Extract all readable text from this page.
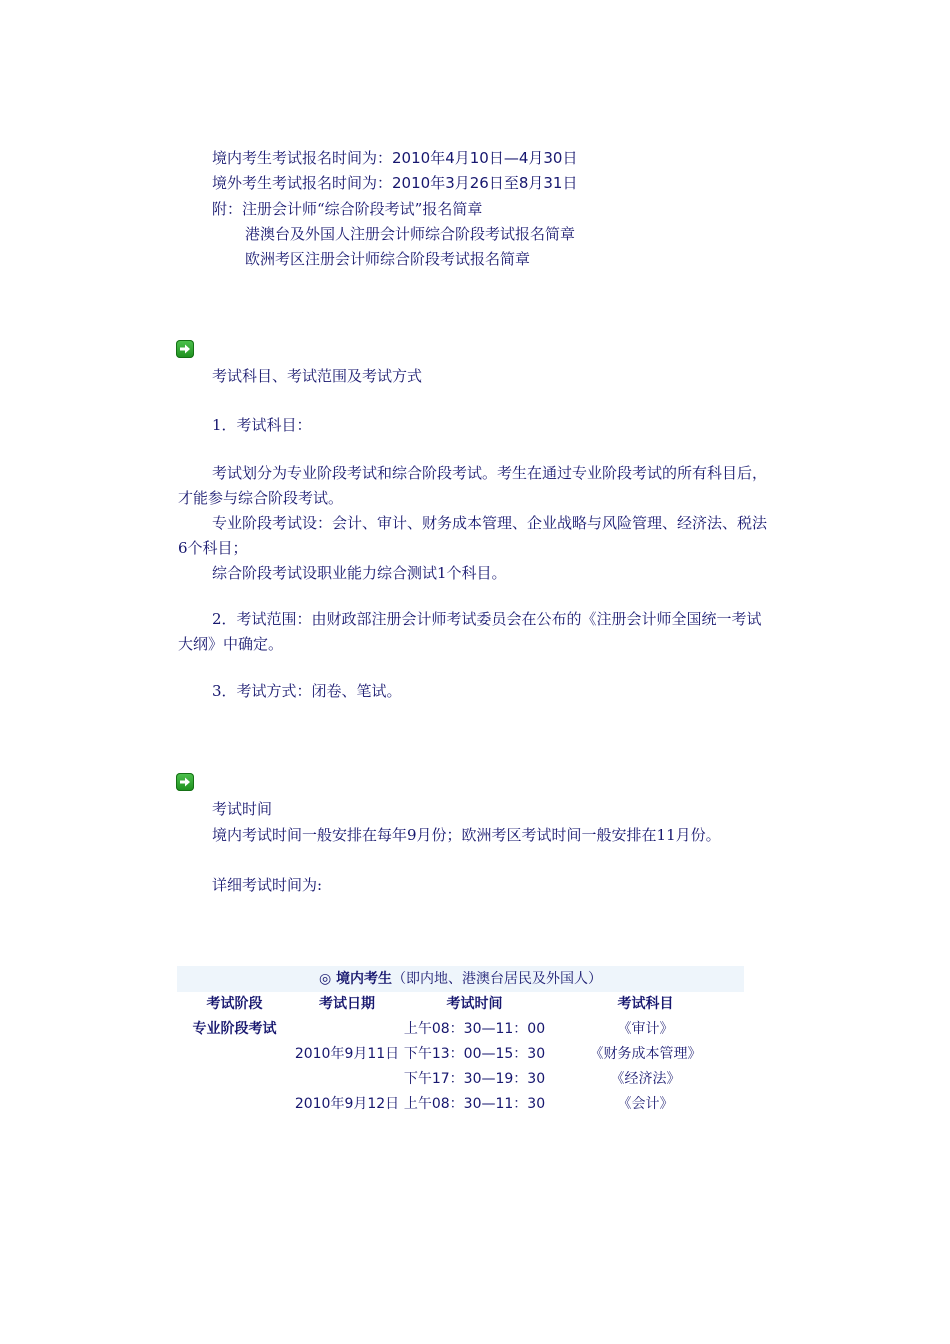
境内考生考试报名时间为：2010年4月10日—4月30日
境外考生考试报名时间为：2010年3月26日至8月31日
附：注册会计师“综合阶段考试”报名简章
港澳台及外国人注册会计师综合阶段考试报名简章
欧洲考区注册会计师综合阶段考试报名简章
考试科目、考试范围及考试方式
1．考试科目：
考试划分为专业阶段考试和综合阶段考试。考生在通过专业阶段考试的所有科目后，才能参与综合阶段考试。
专业阶段考试设：会计、审计、财务成本管理、企业战略与风险管理、经济法、税法6个科目；
综合阶段考试设职业能力综合测试1个科目。
2．考试范围：由财政部注册会计师考试委员会在公布的《注册会计师全国统一考试大纲》中确定。
3．考试方式：闭卷、笔试。
考试时间
境内考试时间一般安排在每年9月份；欧洲考区考试时间一般安排在11月份。
详细考试时间为:
◎ 境内考生（即内地、港澳台居民及外国人）			
考试阶段	考试日期	考试时间	考试科目
专业阶段考试		上午08：30—11：00	《审计》
	2010年9月11日	下午13：00—15：30	《财务成本管理》
		下午17：30—19：30	《经济法》
	2010年9月12日	上午08：30—11：30	《会计》
